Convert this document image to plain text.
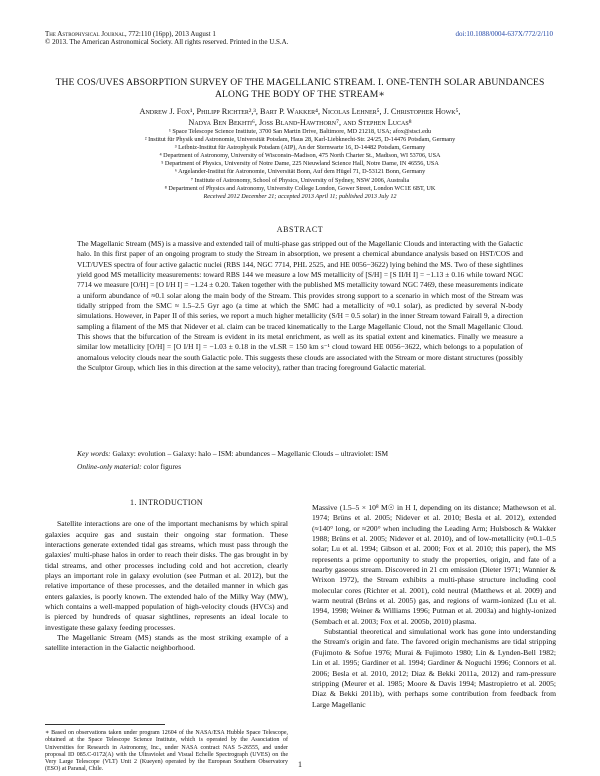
The Astrophysical Journal, 772:110 (16pp), 2013 August 1
© 2013. The American Astronomical Society. All rights reserved. Printed in the U.S.A.
doi:10.1088/0004-637X/772/2/110
THE COS/UVES ABSORPTION SURVEY OF THE MAGELLANIC STREAM. I. ONE-TENTH SOLAR ABUNDANCES ALONG THE BODY OF THE STREAM∗
Andrew J. Fox¹, Philipp Richter²,³, Bart P. Wakker⁴, Nicolas Lehner⁵, J. Christopher Howk⁵,
Nadya Ben Bekhti⁶, Joss Bland-Hawthorn⁷, and Stephen Lucas⁸
¹ Space Telescope Science Institute, 3700 San Martin Drive, Baltimore, MD 21218, USA; afox@stsci.edu
² Institut für Physik und Astronomie, Universität Potsdam, Haus 28, Karl-Liebknecht-Str. 24/25, D-14476 Potsdam, Germany
³ Leibniz-Institut für Astrophysik Potsdam (AIP), An der Sternwarte 16, D-14482 Potsdam, Germany
⁴ Department of Astronomy, University of Wisconsin–Madison, 475 North Charter St., Madison, WI 53706, USA
⁵ Department of Physics, University of Notre Dame, 225 Nieuwland Science Hall, Notre Dame, IN 46556, USA
⁶ Argelander-Institut für Astronomie, Universität Bonn, Auf dem Hügel 71, D-53121 Bonn, Germany
⁷ Institute of Astronomy, School of Physics, University of Sydney, NSW 2006, Australia
⁸ Department of Physics and Astronomy, University College London, Gower Street, London WC1E 6BT, UK
Received 2012 December 21; accepted 2013 April 11; published 2013 July 12
ABSTRACT

The Magellanic Stream (MS) is a massive and extended tail of multi-phase gas stripped out of the Magellanic Clouds and interacting with the Galactic halo. In this first paper of an ongoing program to study the Stream in absorption, we present a chemical abundance analysis based on HST/COS and VLT/UVES spectra of four active galactic nuclei (RBS 144, NGC 7714, PHL 2525, and HE 0056−3622) lying behind the MS. Two of these sightlines yield good MS metallicity measurements: toward RBS 144 we measure a low MS metallicity of [S/H] = [S II/H I] = −1.13 ± 0.16 while toward NGC 7714 we measure [O/H] = [O I/H I] = −1.24 ± 0.20. Taken together with the published MS metallicity toward NGC 7469, these measurements indicate a uniform abundance of ≈0.1 solar along the main body of the Stream. This provides strong support to a scenario in which most of the Stream was tidally stripped from the SMC ≈ 1.5–2.5 Gyr ago (a time at which the SMC had a metallicity of ≈0.1 solar), as predicted by several N-body simulations. However, in Paper II of this series, we report a much higher metallicity (S/H = 0.5 solar) in the inner Stream toward Fairall 9, a direction sampling a filament of the MS that Nidever et al. claim can be traced kinematically to the Large Magellanic Cloud, not the Small Magellanic Cloud. This shows that the bifurcation of the Stream is evident in its metal enrichment, as well as its spatial extent and kinematics. Finally we measure a similar low metallicity [O/H] = [O I/H I] = −1.03 ± 0.18 in the vLSR = 150 km s⁻¹ cloud toward HE 0056−3622, which belongs to a population of anomalous velocity clouds near the south Galactic pole. This suggests these clouds are associated with the Stream or more distant structures (possibly the Sculptor Group, which lies in this direction at the same velocity), rather than tracing foreground Galactic material.

Key words: Galaxy: evolution – Galaxy: halo – ISM: abundances – Magellanic Clouds – ultraviolet: ISM

Online-only material: color figures

1. INTRODUCTION

Satellite interactions are one of the important mechanisms by which spiral galaxies acquire gas and sustain their ongoing star formation. These interactions generate extended tidal gas streams, which must pass through the galaxies' multi-phase halos in order to reach their disks. The gas brought in by tidal streams, and other processes including cold and hot accretion, clearly plays an important role in galaxy evolution (see Putman et al. 2012), but the relative importance of these processes, and the detailed manner in which gas enters galaxies, is poorly known. The extended halo of the Milky Way (MW), which contains a well-mapped population of high-velocity clouds (HVCs) and is pierced by hundreds of quasar sightlines, represents an ideal locale to investigate these galaxy feeding processes.

The Magellanic Stream (MS) stands as the most striking example of a satellite interaction in the Galactic neighborhood.

Massive (1.5–5 × 10⁸ M☉ in H I, depending on its distance; Mathewson et al. 1974; Brüns et al. 2005; Nidever et al. 2010; Besla et al. 2012), extended (≈140° long, or ≈200° when including the Leading Arm; Hulsbosch & Wakker 1988; Brüns et al. 2005; Nidever et al. 2010), and of low-metallicity (≈0.1–0.5 solar; Lu et al. 1994; Gibson et al. 2000; Fox et al. 2010; this paper), the MS represents a prime opportunity to study the properties, origin, and fate of a nearby gaseous stream. Discovered in 21 cm emission (Dieter 1971; Wannier & Wrixon 1972), the Stream exhibits a multi-phase structure including cool molecular cores (Richter et al. 2001), cold neutral (Matthews et al. 2009) and warm neutral (Brüns et al. 2005) gas, and regions of warm-ionized (Lu et al. 1994, 1998; Weiner & Williams 1996; Putman et al. 2003a) and highly-ionized (Sembach et al. 2003; Fox et al. 2005b, 2010) plasma.

Substantial theoretical and simulational work has gone into understanding the Stream's origin and fate. The favored origin mechanisms are tidal stripping (Fujimoto & Sofue 1976; Murai & Fujimoto 1980; Lin & Lynden-Bell 1982; Lin et al. 1995; Gardiner et al. 1994; Gardiner & Noguchi 1996; Connors et al. 2006; Besla et al. 2010, 2012; Diaz & Bekki 2011a, 2012) and ram-pressure stripping (Meurer et al. 1985; Moore & Davis 1994; Mastropietro et al. 2005; Diaz & Bekki 2011b), with perhaps some contribution from feedback from Large Magellanic

∗ Based on observations taken under program 12604 of the NASA/ESA Hubble Space Telescope, obtained at the Space Telescope Science Institute, which is operated by the Association of Universities for Research in Astronomy, Inc., under NASA contract NAS 5-26555, and under proposal ID 085.C-0172(A) with the Ultraviolet and Visual Echelle Spectrograph (UVES) on the Very Large Telescope (VLT) Unit 2 (Kueyen) operated by the European Southern Observatory (ESO) at Paranal, Chile.
1
